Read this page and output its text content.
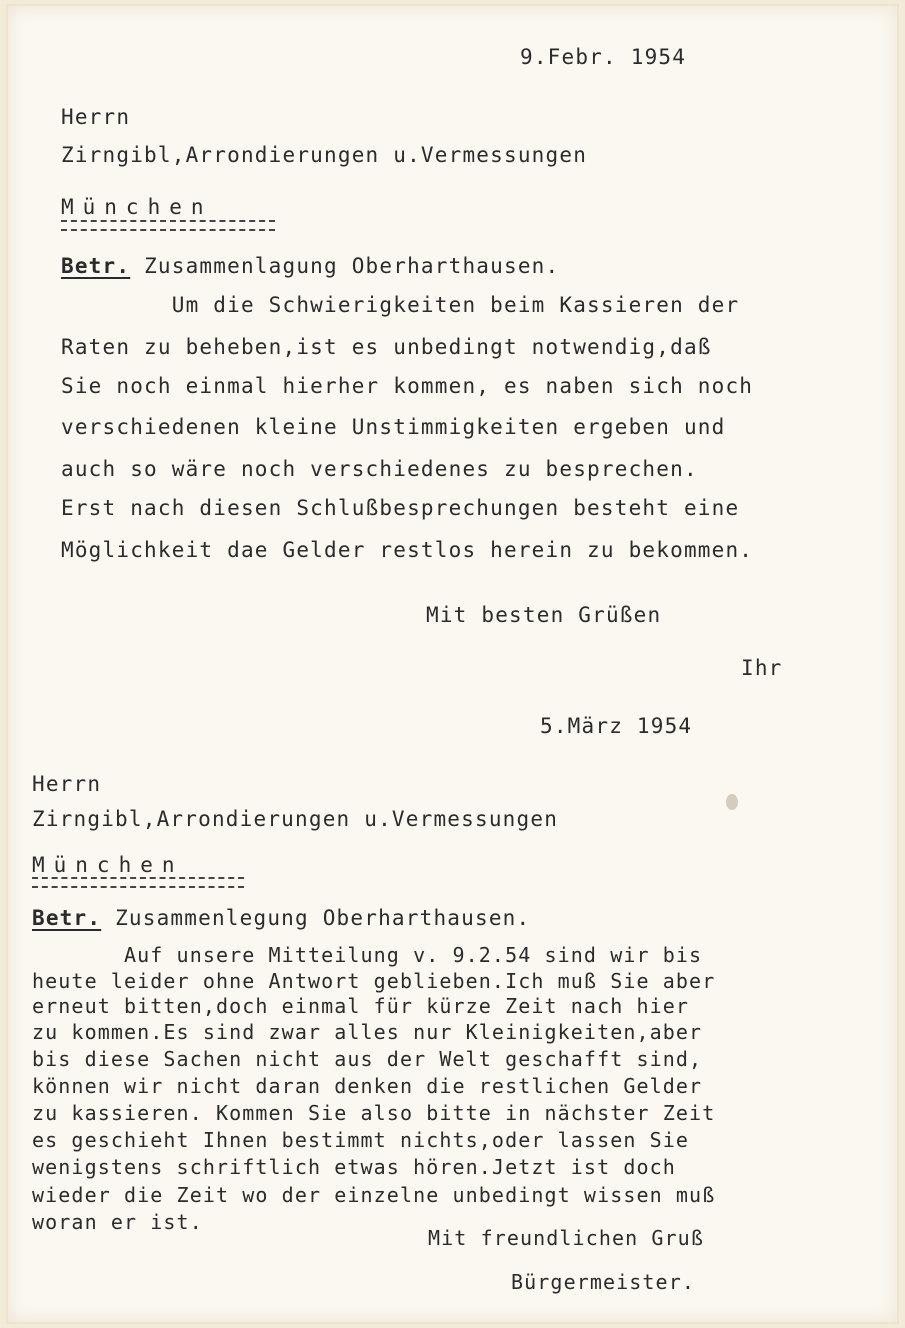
9.Febr. 1954
Herrn
Zirngibl,Arrondierungen u.Vermessungen
München
Betr. Zusammenlagung Oberharthausen.
Um die Schwierigkeiten beim Kassieren der
Raten zu beheben,ist es unbedingt notwendig,daß
Sie noch einmal hierher kommen, es naben sich noch
verschiedenen kleine Unstimmigkeiten ergeben und
auch so wäre noch verschiedenes zu besprechen.
Erst nach diesen Schlußbesprechungen besteht eine
Möglichkeit dae Gelder restlos herein zu bekommen.
Mit besten Grüßen
Ihr
5.März 1954
Herrn
Zirngibl,Arrondierungen u.Vermessungen
München
Betr. Zusammenlegung Oberharthausen.
Auf unsere Mitteilung v. 9.2.54 sind wir bis
heute leider ohne Antwort geblieben.Ich muß Sie aber
erneut bitten,doch einmal für kürze Zeit nach hier
zu kommen.Es sind zwar alles nur Kleinigkeiten,aber
bis diese Sachen nicht aus der Welt geschafft sind,
können wir nicht daran denken die restlichen Gelder
zu kassieren. Kommen Sie also bitte in nächster Zeit
es geschieht Ihnen bestimmt nichts,oder lassen Sie
wenigstens schriftlich etwas hören.Jetzt ist doch
wieder die Zeit wo der einzelne unbedingt wissen muß
woran er ist.
Mit freundlichen Gruß
Bürgermeister.
